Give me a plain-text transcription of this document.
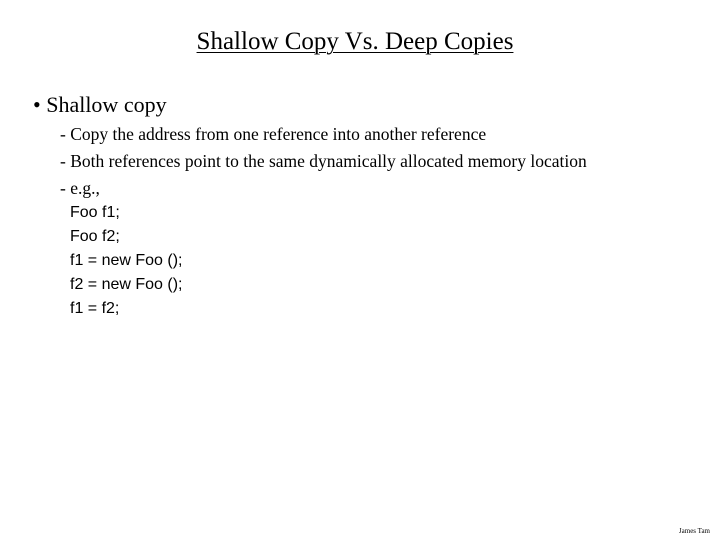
Shallow Copy Vs. Deep Copies
• Shallow copy
- Copy the address from one reference into another reference
- Both references point to the same dynamically allocated memory location
- e.g.,
Foo f1;
Foo f2;
f1 = new Foo ();
f2 = new Foo ();
f1 = f2;
James Tam
